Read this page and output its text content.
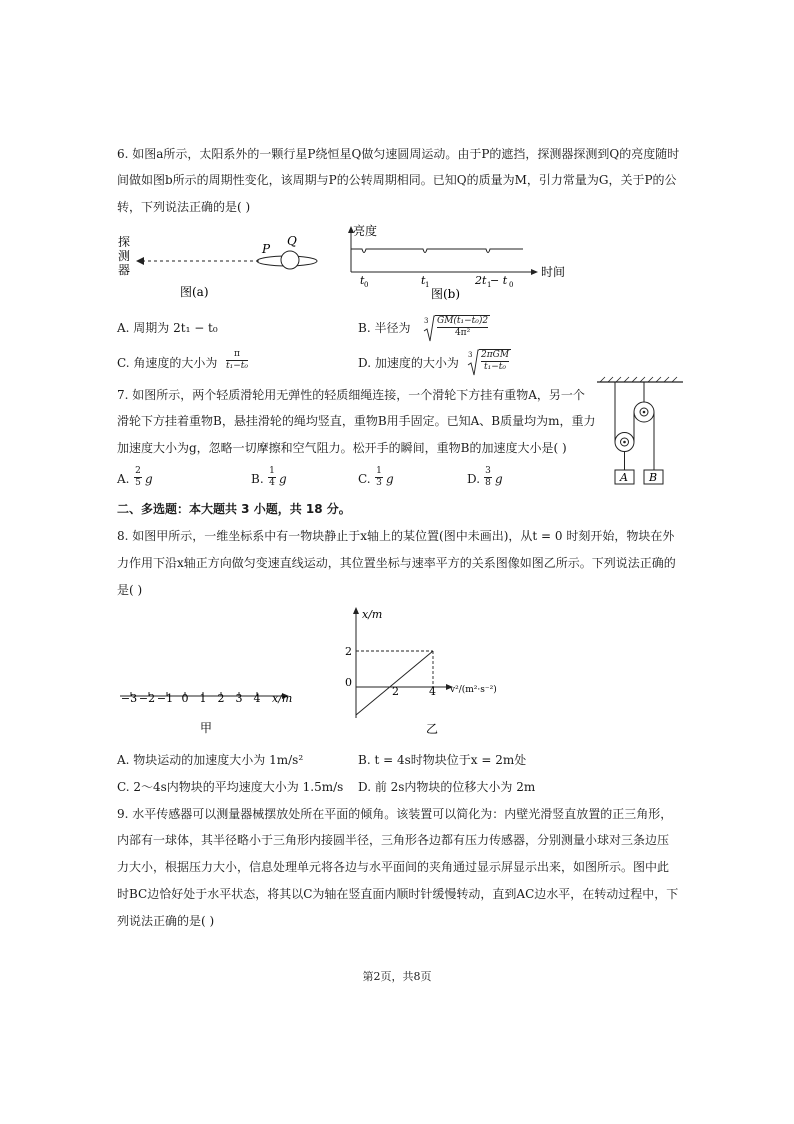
6. 如图a所示，太阳系外的一颗行星P绕恒星Q做匀速圆周运动。由于P的遮挡，探测器探测到Q的亮度随时
间做如图b所示的周期性变化，该周期与P的公转周期相同。已知Q的质量为M，引力常量为G，关于P的公
转，下列说法正确的是( )
探
测
器
P
Q
图(a)
亮度
时间
t 0	t 1	2t 1
− t 0
图(b)
A. 周期为 2t₁ − t₀	B. 半径为 $3 \frac{\text{GM(t₁−t₀)2}}{\text{4π²}}$
C. 角速度的大小为 $\frac{\pi}{\text{t₁−t₀}}$	D. 加速度的大小为
3 2πGM
t₁−t₀
7. 如图所示，两个轻质滑轮用无弹性的轻质细绳连接，一个滑轮下方挂有重物A，另一个
滑轮下方挂着重物B，悬挂滑轮的绳均竖直，重物B用手固定。已知A、B质量均为m，重力
加速度大小为g，忽略一切摩擦和空气阻力。松开手的瞬间，重物B的加速度大小是( )
A B
A. $\frac{2}{5}$ g	B. $\frac{1}{4}$ g	C. $\frac{1}{3}$ g	D. $\frac{3}{8}$ g
二、多选题：本大题共 3 小题，共 18 分。
8. 如图甲所示，一维坐标系中有一物块静止于x轴上的某位置(图中未画出)，从t = 0 时刻开始，物块在外
力作用下沿x轴正方向做匀变速直线运动，其位置坐标与速率平方的关系图像如图乙所示。下列说法正确的
是( )
−3 −2 −1 0 1 2 3 4 x/m
甲
x/m
2
0
2	4 v²/(m²·s⁻²)
乙
A. 物块运动的加速度大小为 1m/s²	B. t = 4s时物块位于x = 2m处
C. 2～4s内物块的平均速度大小为 1.5m/s D. 前 2s内物块的位移大小为 2m
9. 水平传感器可以测量器械摆放处所在平面的倾角。该装置可以简化为：内壁光滑竖直放置的正三角形，
内部有一球体，其半径略小于三角形内接圆半径，三角形各边都有压力传感器，分别测量小球对三条边压
力大小，根据压力大小，信息处理单元将各边与水平面间的夹角通过显示屏显示出来，如图所示。图中此
时BC边恰好处于水平状态，将其以C为轴在竖直面内顺时针缓慢转动，直到AC边水平，在转动过程中，下
列说法正确的是( )
第2页，共8页
